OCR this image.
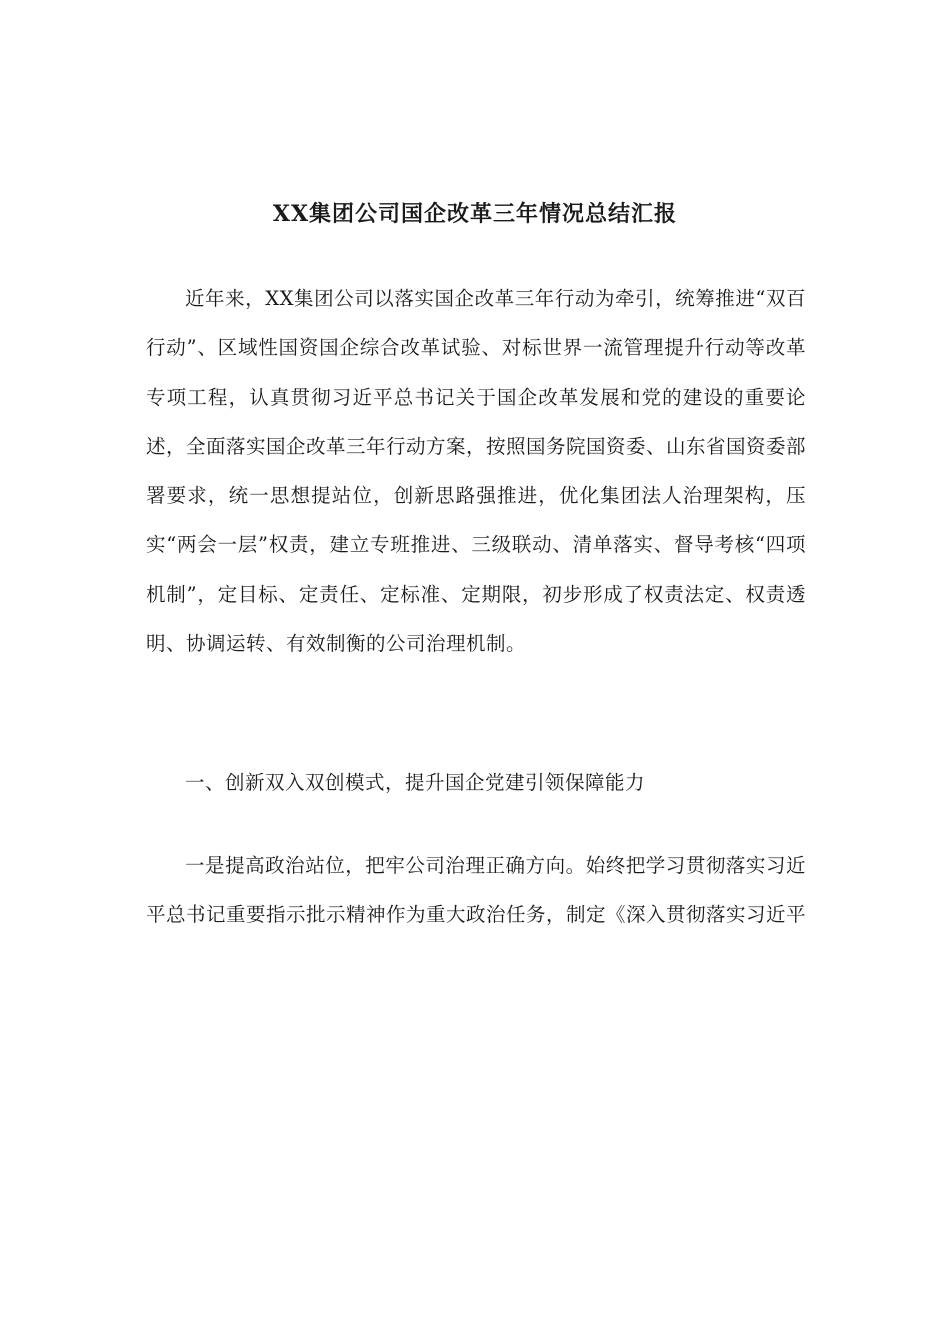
XX集团公司国企改革三年情况总结汇报

近年来，XX集团公司以落实国企改革三年行动为牵引，统筹推进“双百行动”、区域性国资国企综合改革试验、对标世界一流管理提升行动等改革专项工程，认真贯彻习近平总书记关于国企改革发展和党的建设的重要论述，全面落实国企改革三年行动方案，按照国务院国资委、山东省国资委部署要求，统一思想提站位，创新思路强推进，优化集团法人治理架构，压实“两会一层”权责，建立专班推进、三级联动、清单落实、督导考核“四项机制”，定目标、定责任、定标准、定期限，初步形成了权责法定、权责透明、协调运转、有效制衡的公司治理机制。

一、创新双入双创模式，提升国企党建引领保障能力

一是提高政治站位，把牢公司治理正确方向。始终把学习贯彻落实习近平总书记重要指示批示精神作为重大政治任务，制定《深入贯彻落实习近平
